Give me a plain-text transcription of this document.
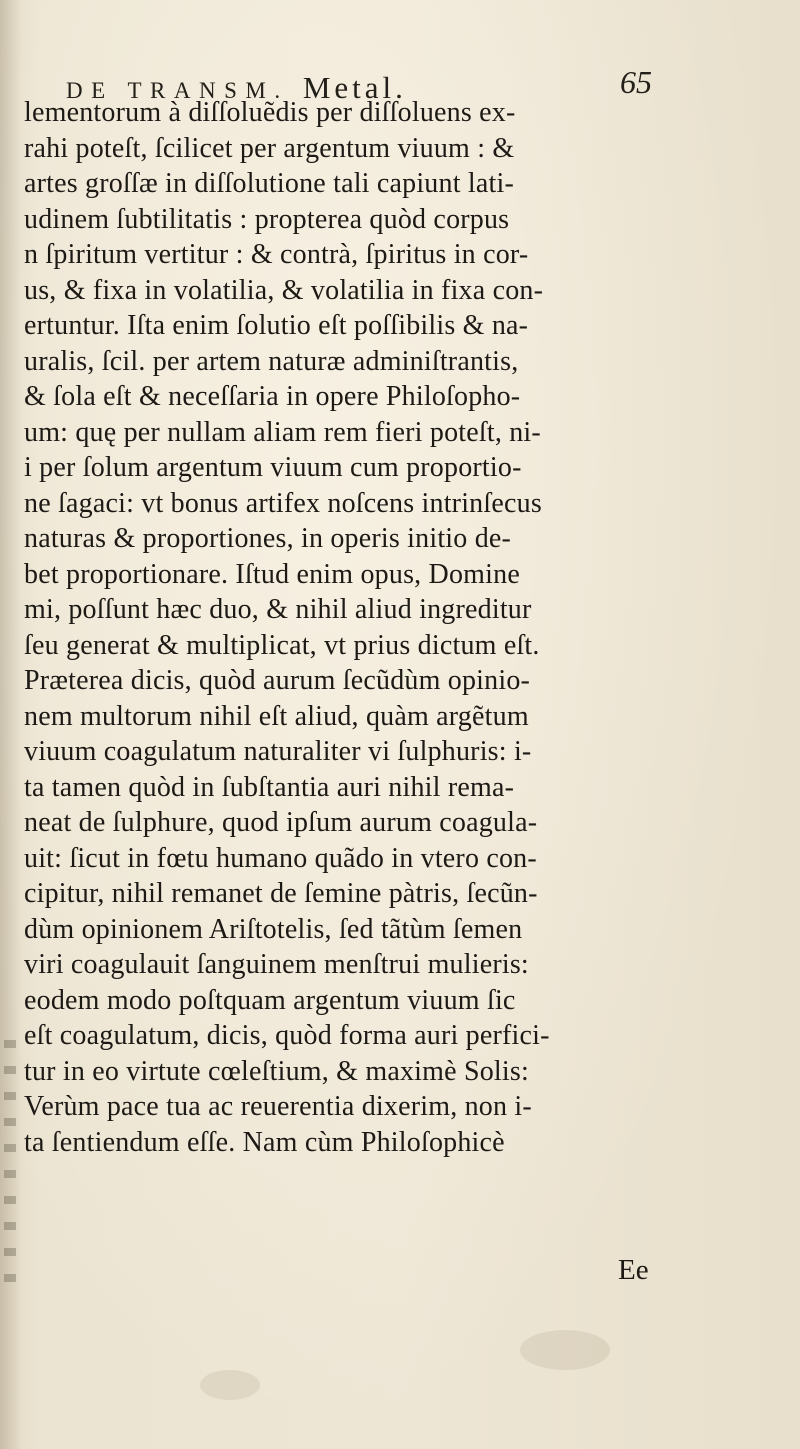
DE TRANSM. Metal.	65
lementorum à diſſoluẽdis per diſſoluens ex-
rahi poteſt, ſcilicet per argentum viuum : &
artes groſſæ in diſſolutione tali capiunt lati-
udinem ſubtilitatis : propterea quòd corpus
n ſpiritum vertitur : & contrà, ſpiritus in cor-
us, & fixa in volatilia, & volatilia in fixa con-
ertuntur. Iſta enim ſolutio eſt poſſibilis & na-
uralis, ſcil. per artem naturæ adminiſtrantis,
& ſola eſt & neceſſaria in opere Philoſopho-
um: quę per nullam aliam rem fieri poteſt, ni-
i per ſolum argentum viuum cum proportio-
ne ſagaci: vt bonus artifex noſcens intrinſecus
naturas & proportiones, in operis initio de-
bet proportionare. Iſtud enim opus, Domine
mi, poſſunt hæc duo, & nihil aliud ingreditur
ſeu generat & multiplicat, vt prius dictum eſt.
Præterea dicis, quòd aurum ſecũdùm opinio-
nem multorum nihil eſt aliud, quàm argẽtum
viuum coagulatum naturaliter vi ſulphuris: i-
ta tamen quòd in ſubſtantia auri nihil rema-
neat de ſulphure, quod ipſum aurum coagula-
uit: ſicut in fœtu humano quãdo in vtero con-
cipitur, nihil remanet de ſemine pàtris, ſecũn-
dùm opinionem Ariſtotelis, ſed tãtùm ſemen
viri coagulauit ſanguinem menſtrui mulieris:
eodem modo poſtquam argentum viuum ſic
eſt coagulatum, dicis, quòd forma auri perfici-
tur in eo virtute cœleſtium, & maximè Solis:
Verùm pace tua ac reuerentia dixerim, non i-
ta ſentiendum eſſe. Nam cùm Philoſophicè
Ee
